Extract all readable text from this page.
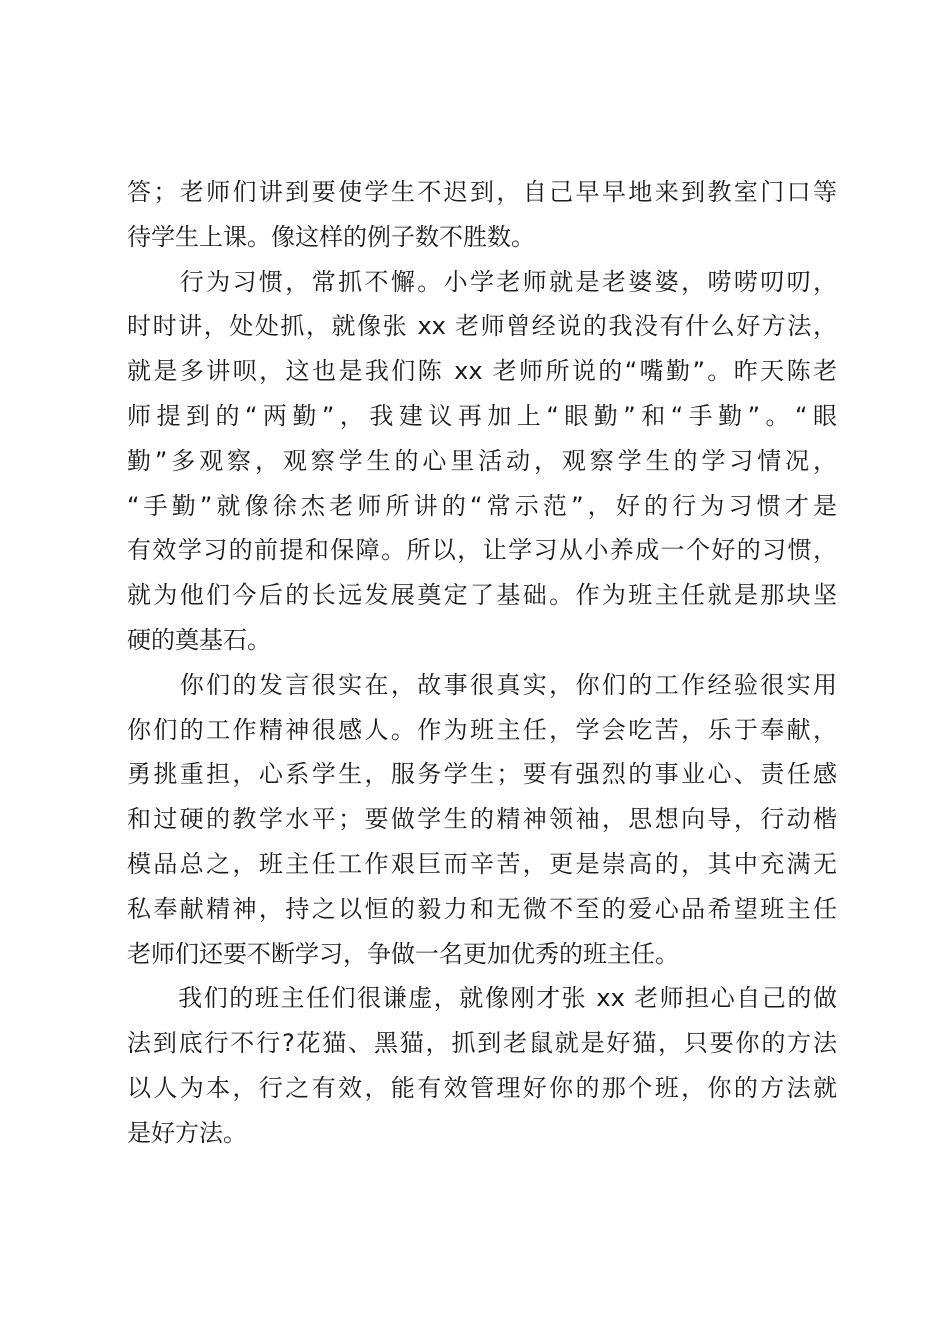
答；老师们讲到要使学生不迟到，自己早早地来到教室门口等
待学生上课。像这样的例子数不胜数。

　　行为习惯，常抓不懈。小学老师就是老婆婆，唠唠叨叨，
时时讲，处处抓，就像张 xx 老师曾经说的我没有什么好方法，
就是多讲呗，这也是我们陈 xx 老师所说的“嘴勤”。昨天陈老
师提到的“两勤”，我建议再加上“眼勤”和“手勤”。“眼
勤”多观察，观察学生的心里活动，观察学生的学习情况，
“手勤”就像徐杰老师所讲的“常示范”，好的行为习惯才是
有效学习的前提和保障。所以，让学习从小养成一个好的习惯，
就为他们今后的长远发展奠定了基础。作为班主任就是那块坚
硬的奠基石。

　　你们的发言很实在，故事很真实，你们的工作经验很实用
你们的工作精神很感人。作为班主任，学会吃苦，乐于奉献，
勇挑重担，心系学生，服务学生；要有强烈的事业心、责任感
和过硬的教学水平；要做学生的精神领袖，思想向导，行动楷
模品总之，班主任工作艰巨而辛苦，更是崇高的，其中充满无
私奉献精神，持之以恒的毅力和无微不至的爱心品希望班主任
老师们还要不断学习，争做一名更加优秀的班主任。

　　我们的班主任们很谦虚，就像刚才张 xx 老师担心自己的做
法到底行不行?花猫、黑猫，抓到老鼠就是好猫，只要你的方法
以人为本，行之有效，能有效管理好你的那个班，你的方法就
是好方法。
